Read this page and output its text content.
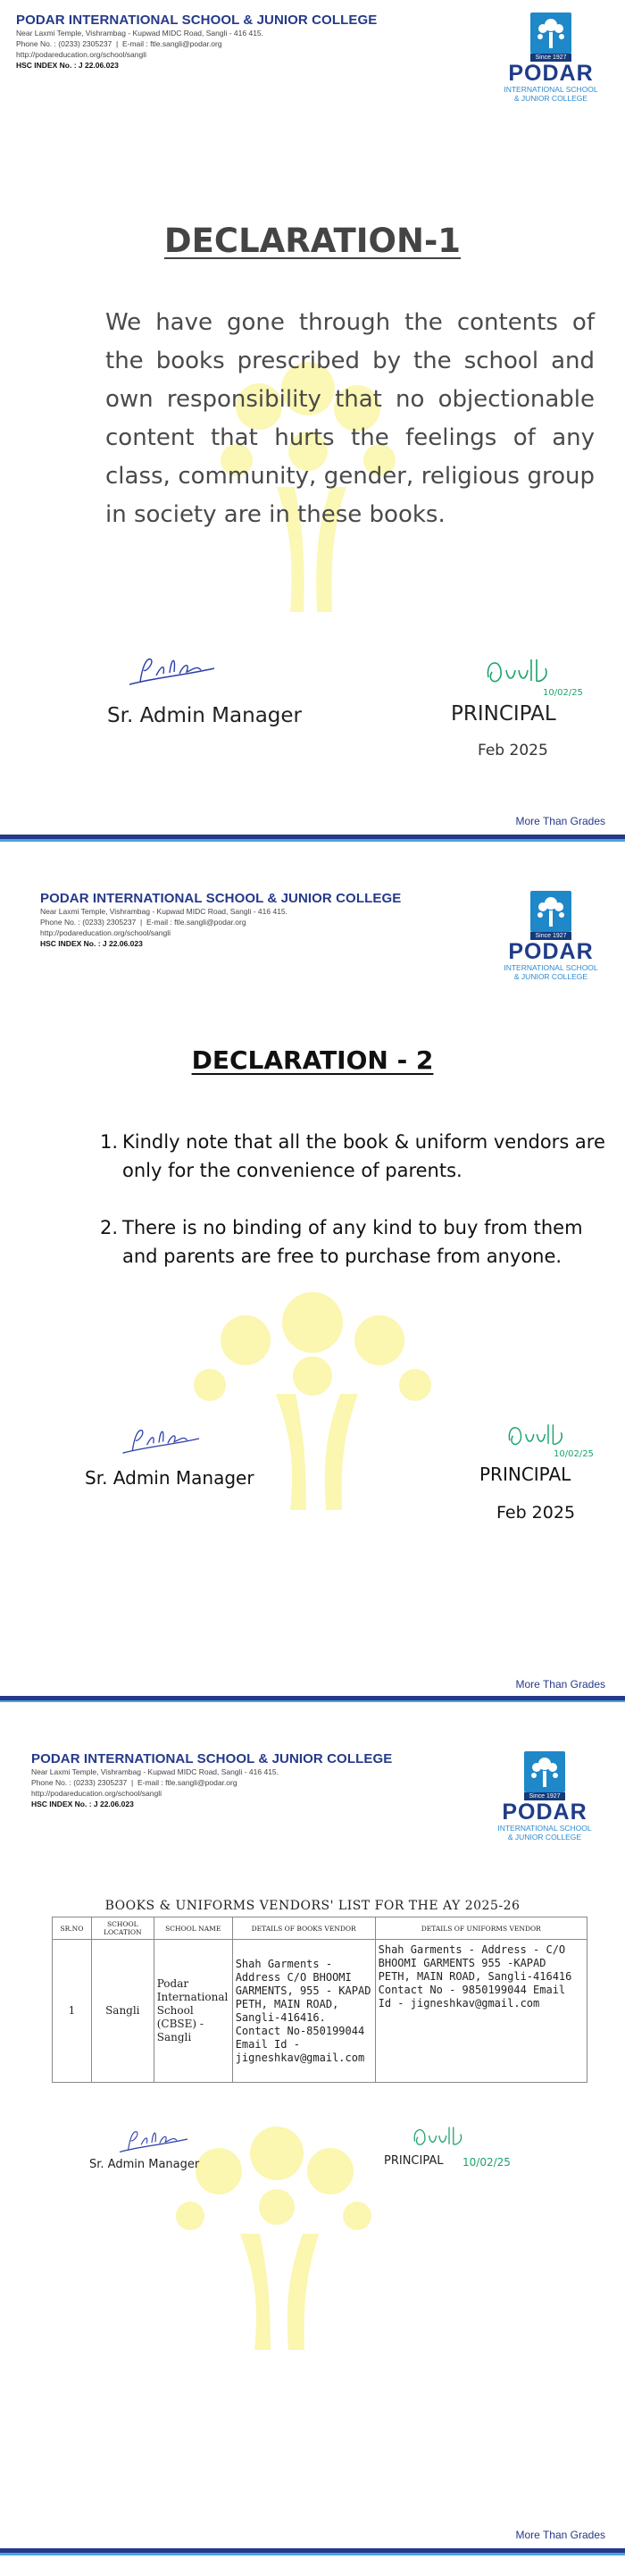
PODAR INTERNATIONAL SCHOOL & JUNIOR COLLEGE
Near Laxmi Temple, Vishrambag - Kupwad MIDC Road, Sangli - 416 415.
Phone No. : (0233) 2305237  |  E-mail : ftle.sangli@podar.org
http://podareducation.org/school/sangli
HSC INDEX No. : J 22.06.023
Since 1927
PODAR
INTERNATIONAL SCHOOL
& JUNIOR COLLEGE
DECLARATION-1
We have gone through the contents of the books prescribed by the school and own responsibility that no objectionable content that hurts the feelings of any class, community, gender, religious group in society are in these books.
10/02/25
Sr. Admin Manager	PRINCIPAL
Feb 2025
More Than Grades
PODAR INTERNATIONAL SCHOOL & JUNIOR COLLEGE
Near Laxmi Temple, Vishrambag - Kupwad MIDC Road, Sangli - 416 415.
Phone No. : (0233) 2305237  |  E-mail : ftle.sangli@podar.org
http://podareducation.org/school/sangli
HSC INDEX No. : J 22.06.023
Since 1927
PODAR
INTERNATIONAL SCHOOL
& JUNIOR COLLEGE
DECLARATION - 2
1. Kindly note that all the book & uniform vendors are only for the convenience of parents.
2. There is no binding of any kind to buy from them and parents are free to purchase from anyone.
10/02/25
Sr. Admin Manager	PRINCIPAL
Feb 2025
More Than Grades
PODAR INTERNATIONAL SCHOOL & JUNIOR COLLEGE
Near Laxmi Temple, Vishrambag - Kupwad MIDC Road, Sangli - 416 415.
Phone No. : (0233) 2305237  |  E-mail : ftle.sangli@podar.org
http://podareducation.org/school/sangli
HSC INDEX No. : J 22.06.023
Since 1927
PODAR
INTERNATIONAL SCHOOL
& JUNIOR COLLEGE
BOOKS & UNIFORMS VENDORS' LIST FOR THE AY 2025-26
SR.NO	SCHOOL LOCATION	SCHOOL NAME	DETAILS OF BOOKS VENDOR	DETAILS OF UNIFORMS VENDOR
1	Sangli	Podar International School (CBSE) - Sangli	Shah Garments - Address C/O BHOOMI GARMENTS, 955 - KAPAD PETH, MAIN ROAD, Sangli-416416. Contact No-850199044 Email Id - jigneshkav@gmail.com	Shah Garments - Address - C/O BHOOMI GARMENTS 955 -KAPAD PETH, MAIN ROAD, Sangli-416416 Contact No - 9850199044 Email Id - jigneshkav@gmail.com
10/02/25
Sr. Admin Manager	PRINCIPAL
More Than Grades
